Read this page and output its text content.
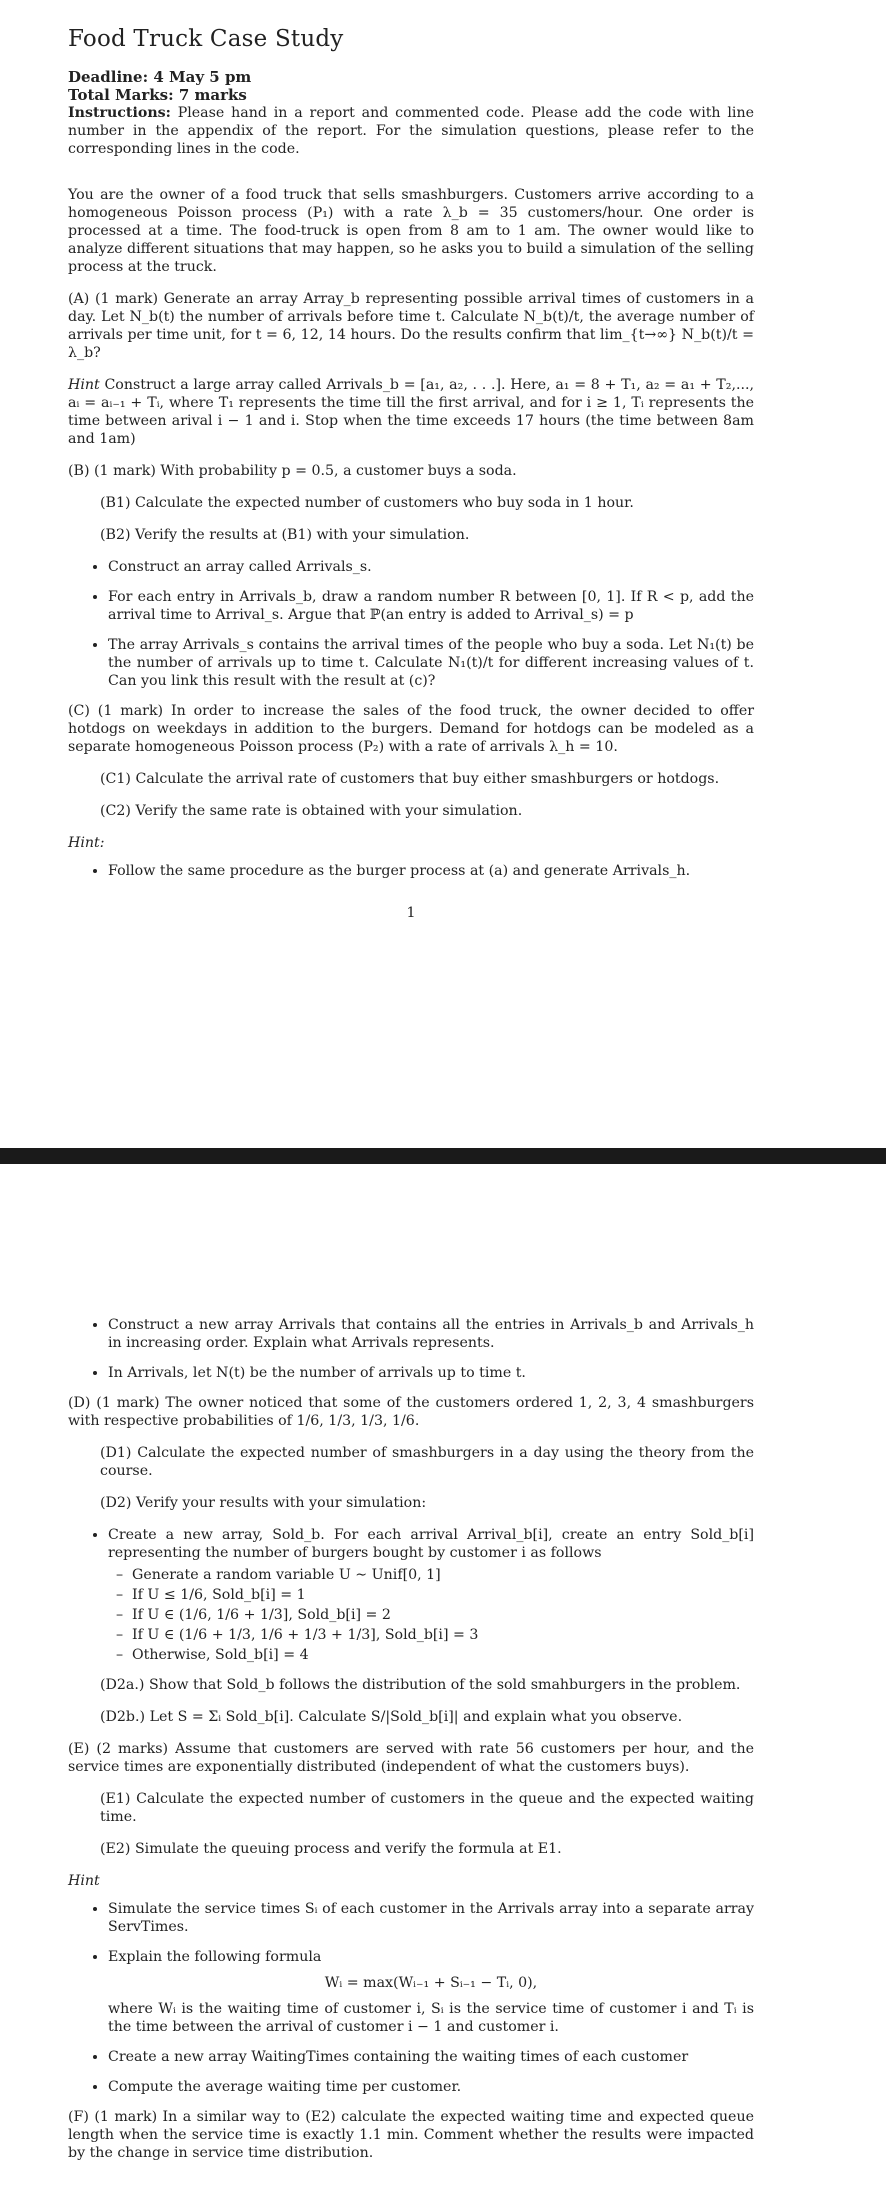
Food Truck Case Study
Deadline: 4 May 5 pm
Total Marks: 7 marks

Instructions: Please hand in a report and commented code. Please add the code with line number in the appendix of the report. For the simulation questions, please refer to the corresponding lines in the code.

You are the owner of a food truck that sells smashburgers. Customers arrive according to a homogeneous Poisson process (P₁) with a rate λ_b = 35 customers/hour. One order is processed at a time. The food-truck is open from 8 am to 1 am. The owner would like to analyze different situations that may happen, so he asks you to build a simulation of the selling process at the truck.

(A) (1 mark) Generate an array Array_b representing possible arrival times of customers in a day. Let N_b(t) the number of arrivals before time t. Calculate N_b(t)/t, the average number of arrivals per time unit, for t = 6, 12, 14 hours. Do the results confirm that lim_{t→∞} N_b(t)/t = λ_b?

Hint Construct a large array called Arrivals_b = [a₁, a₂, . . .]. Here, a₁ = 8 + T₁, a₂ = a₁ + T₂,..., aᵢ = aᵢ₋₁ + Tᵢ, where T₁ represents the time till the first arrival, and for i ≥ 1, Tᵢ represents the time between arival i − 1 and i. Stop when the time exceeds 17 hours (the time between 8am and 1am)

(B) (1 mark) With probability p = 0.5, a customer buys a soda.

(B1) Calculate the expected number of customers who buy soda in 1 hour.

(B2) Verify the results at (B1) with your simulation.

• Construct an array called Arrivals_s.
• For each entry in Arrivals_b, draw a random number R between [0, 1]. If R < p, add the arrival time to Arrival_s. Argue that ℙ(an entry is added to Arrival_s) = p
• The array Arrivals_s contains the arrival times of the people who buy a soda. Let N₁(t) be the number of arrivals up to time t. Calculate N₁(t)/t for different increasing values of t. Can you link this result with the result at (c)?

(C) (1 mark) In order to increase the sales of the food truck, the owner decided to offer hotdogs on weekdays in addition to the burgers. Demand for hotdogs can be modeled as a separate homogeneous Poisson process (P₂) with a rate of arrivals λ_h = 10.

(C1) Calculate the arrival rate of customers that buy either smashburgers or hotdogs.

(C2) Verify the same rate is obtained with your simulation.

Hint:
• Follow the same procedure as the burger process at (a) and generate Arrivals_h.
1
• Construct a new array Arrivals that contains all the entries in Arrivals_b and Arrivals_h in increasing order. Explain what Arrivals represents.
• In Arrivals, let N(t) be the number of arrivals up to time t.

(D) (1 mark) The owner noticed that some of the customers ordered 1, 2, 3, 4 smashburgers with respective probabilities of 1/6, 1/3, 1/3, 1/6.

(D1) Calculate the expected number of smashburgers in a day using the theory from the course.

(D2) Verify your results with your simulation:

• Create a new array, Sold_b. For each arrival Arrival_b[i], create an entry Sold_b[i] representing the number of burgers bought by customer i as follows
– Generate a random variable U ∼ Unif[0, 1]
– If U ≤ 1/6, Sold_b[i] = 1
– If U ∈ (1/6, 1/6 + 1/3], Sold_b[i] = 2
– If U ∈ (1/6 + 1/3, 1/6 + 1/3 + 1/3], Sold_b[i] = 3
– Otherwise, Sold_b[i] = 4

(D2a.) Show that Sold_b follows the distribution of the sold smahburgers in the problem.

(D2b.) Let S = Σᵢ Sold_b[i]. Calculate S/|Sold_b[i]| and explain what you observe.

(E) (2 marks) Assume that customers are served with rate 56 customers per hour, and the service times are exponentially distributed (independent of what the customers buys).

(E1) Calculate the expected number of customers in the queue and the expected waiting time.

(E2) Simulate the queuing process and verify the formula at E1.

Hint
• Simulate the service times Sᵢ of each customer in the Arrivals array into a separate array ServTimes.
• Explain the following formula
Wᵢ = max(Wᵢ₋₁ + Sᵢ₋₁ − Tᵢ, 0),
where Wᵢ is the waiting time of customer i, Sᵢ is the service time of customer i and Tᵢ is the time between the arrival of customer i − 1 and customer i.
• Create a new array WaitingTimes containing the waiting times of each customer
• Compute the average waiting time per customer.

(F) (1 mark) In a similar way to (E2) calculate the expected waiting time and expected queue length when the service time is exactly 1.1 min. Comment whether the results were impacted by the change in service time distribution.
